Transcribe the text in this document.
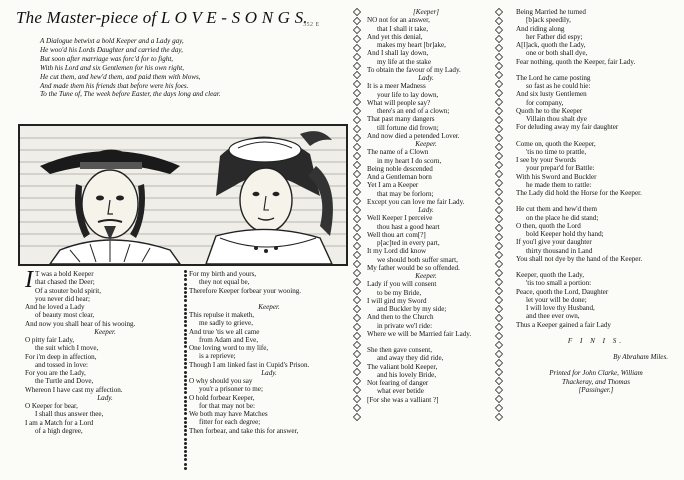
The Master-piece of L O V E - S O N G S.
352 E
A Dialogue betwixt a bold Keeper and a Lady gay,
He woo'd his Lords Daughter and carried the day,
But soon after marriage was forc'd for to fight,
With his Lord and six Gentlemen for his own right,
He cut them, and hew'd them, and paid them with blows,
And made them his friends that before were his foes.
To the Tune of, The week before Easter, the days long and clear.
I T was a bold Keeper
that chased the Deer;
Of a stouter bold spirit,
you never did hear;
And he loved a Lady
of beauty most clear,
And now you shall hear of his wooing.
Keeper.
O pitty fair Lady,
the suit which I move,
For i'm deep in affection,
and tossed in love:
For you are the Lady,
the Turtle and Dove,
Whereon I have cast my affection.
Lady.
O Keeper for bear,
I shall thus answer thee,
I am a Match for a Lord
of a high degree,
For my birth and yours,
they not equal be,
Therefore Keeper forbear your wooing.
Keeper.
This repulse it maketh,
me sadly to grieve,
And true 'tis we all came
from Adam and Eve,
One loving word to my life,
is a reprieve;
Though I am linked fast in Cupid's Prison.
Lady.
O why should you say
you'r a prisoner to me;
O hold forbear Keeper,
for that may not be:
We both may have Matches
fitter for each degree;
Then forbear, and take this for answer,
[Keeper]
NO not for an answer,
that I shall it take,
And yet this denial,
makes my heart [br]ake,
And I shall lay down,
my life at the stake
To obtain the favour of my Lady.
Lady.
It is a meer Madness
your life to lay down,
What will people say?
there's an end of a clown;
That past many dangers
till fortune did frown;
And now died a petended Lover.
Keeper.
The name of a Clown
in my heart I do scorn,
Being noble descended
And a Gentleman born
Yet I am a Keeper
that may be forlorn;
Except you can love me fair Lady.
Lady.
Well Keeper I perceive
thou hast a good heart
Well thou art com[?]
p[ac]ted in every part,
It my Lord did know
we should both suffer smart,
My father would be so offended.
Keeper.
Lady if you will consent
to be my Bride,
I will gird my Sword
and Buckler by my side;
And then to the Church
in private we'l ride:
Where we will be Married fair Lady.
She then gave consent,
and away they did ride,
The valiant bold Keeper,
and his lovely Bride,
Not fearing of danger
what ever betide
[For she was a valliant ?]
Being Married he turned
[b]ack speedily,
And riding along
her Father did espy;
A[l]ack, quoth the Lady,
one or both shall dye,
Fear nothing, quoth the Keeper, fair Lady.
The Lord he came posting
so fast as he could hie:
And six lusty Gentlemen
for company,
Quoth he to the Keeper
Villain thou shalt dye
For deluding away my fair daughter
Come on, quoth the Keeper,
'tis no time to prattle,
I see by your Swords
your prepar'd for Battle:
With his Sword and Buckler
he made them to rattle:
The Lady did hold the Horse for the Keeper.
He cut them and hew'd them
on the place he did stand;
O then, quoth the Lord
bold Keeper hold thy hand;
If you'l give your daughter
thirty thousand in Land
You shall not dye by the hand of the Keeper.
Keeper, quoth the Lady,
'tis too small a portion:
Peace, quoth the Lord, Daughter
let your will be done;
I will love thy Husband,
and thee ever own,
Thus a Keeper gained a fair Lady
F I N I S.
By Abraham Miles.
Printed for John Clarke, William
Thackeray, and Thomas
[Passinger.]
